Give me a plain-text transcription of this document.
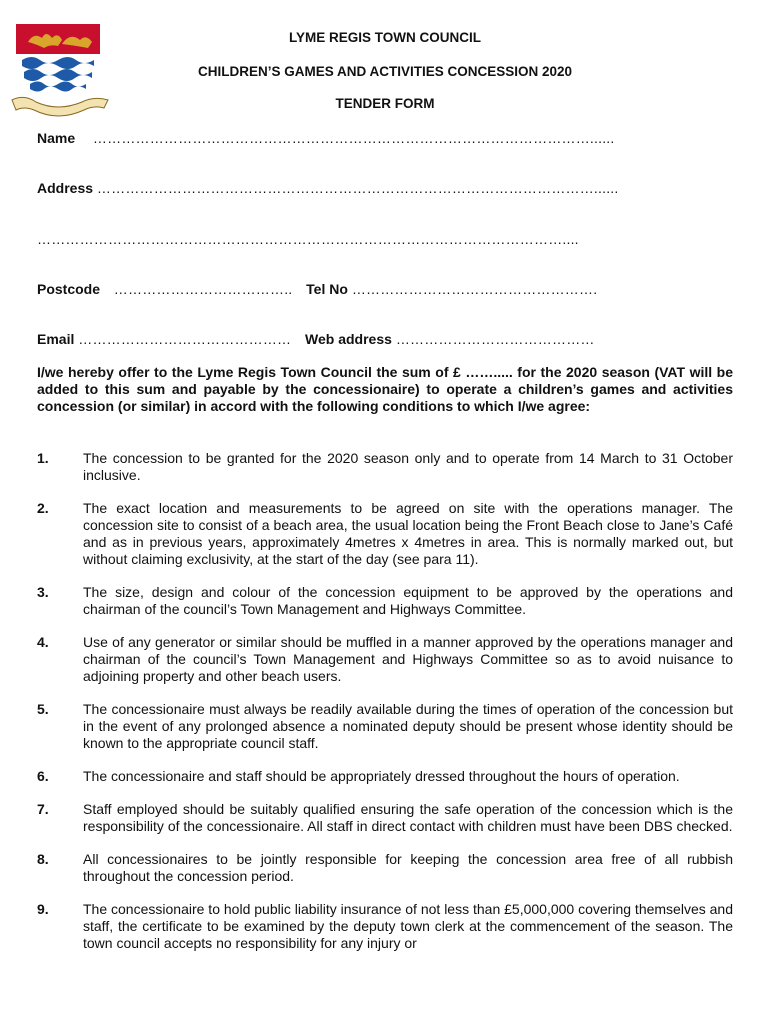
LYME REGIS TOWN COUNCIL
CHILDREN’S GAMES AND ACTIVITIES CONCESSION 2020
TENDER FORM
Name ……………………………………………………………………………………………......
Address ……………………………………………………………………………………………......
…………………………………………………………………………………………………....
Postcode ……………………………….. Tel No …………………………………………….
Email ……………………………………… Web address ……………………………………
I/we hereby offer to the Lyme Regis Town Council the sum of £ ……..... for the 2020 season (VAT will be added to this sum and payable by the concessionaire) to operate a children’s games and activities concession (or similar) in accord with the following conditions to which I/we agree:
1. The concession to be granted for the 2020 season only and to operate from 14 March to 31 October inclusive.
2. The exact location and measurements to be agreed on site with the operations manager. The concession site to consist of a beach area, the usual location being the Front Beach close to Jane’s Café and as in previous years, approximately 4metres x 4metres in area. This is normally marked out, but without claiming exclusivity, at the start of the day (see para 11).
3. The size, design and colour of the concession equipment to be approved by the operations and chairman of the council’s Town Management and Highways Committee.
4. Use of any generator or similar should be muffled in a manner approved by the operations manager and chairman of the council’s Town Management and Highways Committee so as to avoid nuisance to adjoining property and other beach users.
5. The concessionaire must always be readily available during the times of operation of the concession but in the event of any prolonged absence a nominated deputy should be present whose identity should be known to the appropriate council staff.
6. The concessionaire and staff should be appropriately dressed throughout the hours of operation.
7. Staff employed should be suitably qualified ensuring the safe operation of the concession which is the responsibility of the concessionaire. All staff in direct contact with children must have been DBS checked.
8. All concessionaires to be jointly responsible for keeping the concession area free of all rubbish throughout the concession period.
9. The concessionaire to hold public liability insurance of not less than £5,000,000 covering themselves and staff, the certificate to be examined by the deputy town clerk at the commencement of the season. The town council accepts no responsibility for any injury or
